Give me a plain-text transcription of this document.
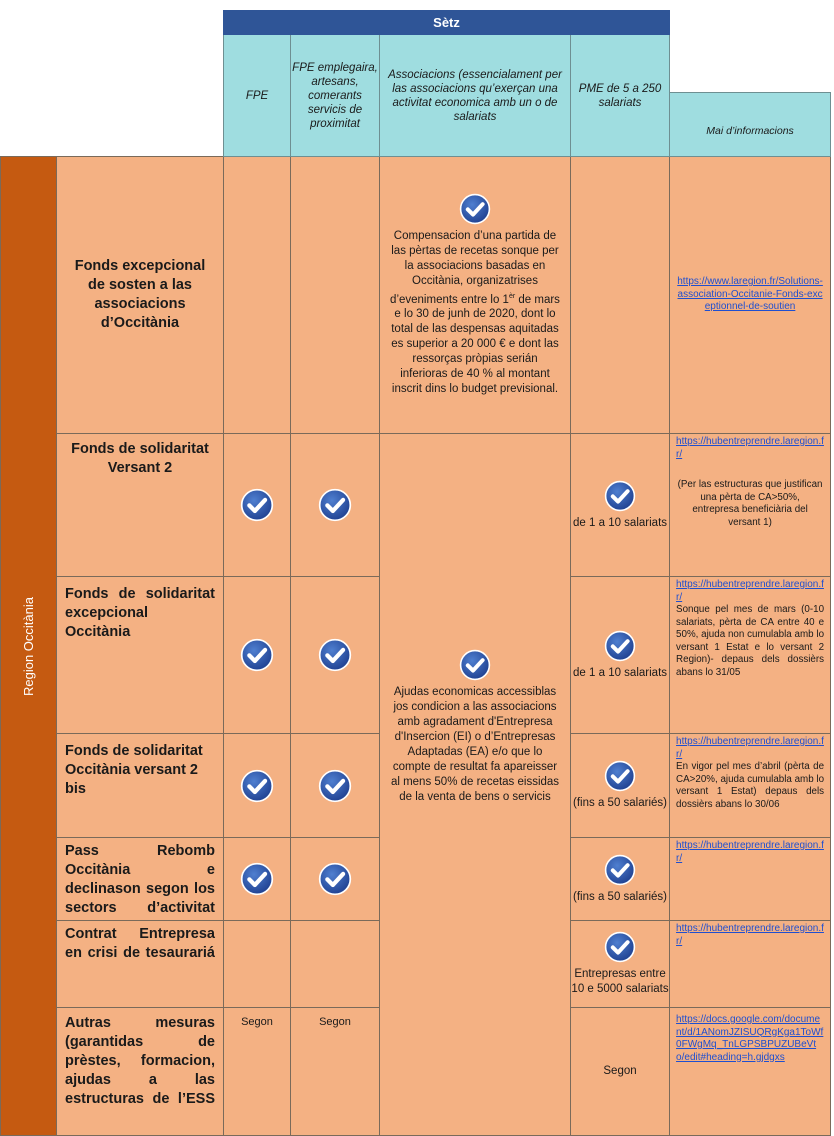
		Sètz				
		FPE	FPE emplegaira, artesans, comerants servicis de proximitat	Associacions (essencialament per las associacions qu’exerçan una activitat economica amb un o de salariats	PME de 5 a 250 salariats	
						Mai d’informacions

Region Occitània	Fonds excepcional de sosten a las associacions d’Occitània			Compensacion d’una partida de las pèrtas de recetas sonque per la associacions basadas en Occitània, organizatrises d’eveniments entre lo $1^{èr}$ de mars e lo 30 de junh de 2020, dont lo total de las despensas aquitadas es superior a 20 000 € e dont las ressorças pròpias serián inferioras de 40 % al montant inscrit dins lo budget previsional.		https://www.laregion.fr/Solutions-association-Occitanie-Fonds-exceptionnel-de-soutien
	Fonds de solidaritat Versant 2			Ajudas economicas accessiblas jos condicion a las associacions amb agradament d'Entrepresa d'Insercion (EI) o d’Entrepresas Adaptadas (EA) e/o que lo compte de resultat fa apareisser al mens 50% de recetas eissidas de la venta de bens o servicis	de 1 a 10 salariats	https://hubentreprendre.laregion.fr/
(Per las estructuras que justifican una pèrta de CA>50%, entrepresa beneficiària del versant 1)

	Fonds de solidaritat excepcional Occitània				de 1 a 10 salariats	https://hubentreprendre.laregion.fr/
Sonque pel mes de mars (0-10 salariats, pèrta de CA entre 40 e 50%, ajuda non cumulabla amb lo versant 1 Estat e lo versant 2 Region)- depaus dels dossièrs abans lo 31/05

	Fonds de solidaritat Occitània versant 2 bis				(fins a 50 salariés)	https://hubentreprendre.laregion.fr/
En vigor pel mes d’abril (pèrta de CA>20%, ajuda cumulabla amb lo versant 1 Estat) depaus dels dossièrs abans lo 30/06

	Pass Rebomb Occitània e declinason segon los sectors d’activitat				(fins a 50 salariés)	https://hubentreprendre.laregion.fr/
	Contrat Entrepresa en crisi de tesaurariá				Entrepresas entre 10 e 5000 salariats	https://hubentreprendre.laregion.fr/
	Autras mesuras (garantidas de prèstes, formacion, ajudas a las estructuras de l’ESS	Segon	Segon		Segon	https://docs.google.com/document/d/1ANomJZISUQRgKga1ToWf0FWgMq_TnLGPSBPUZUBeVto/edit#heading=h.gjdgxs
